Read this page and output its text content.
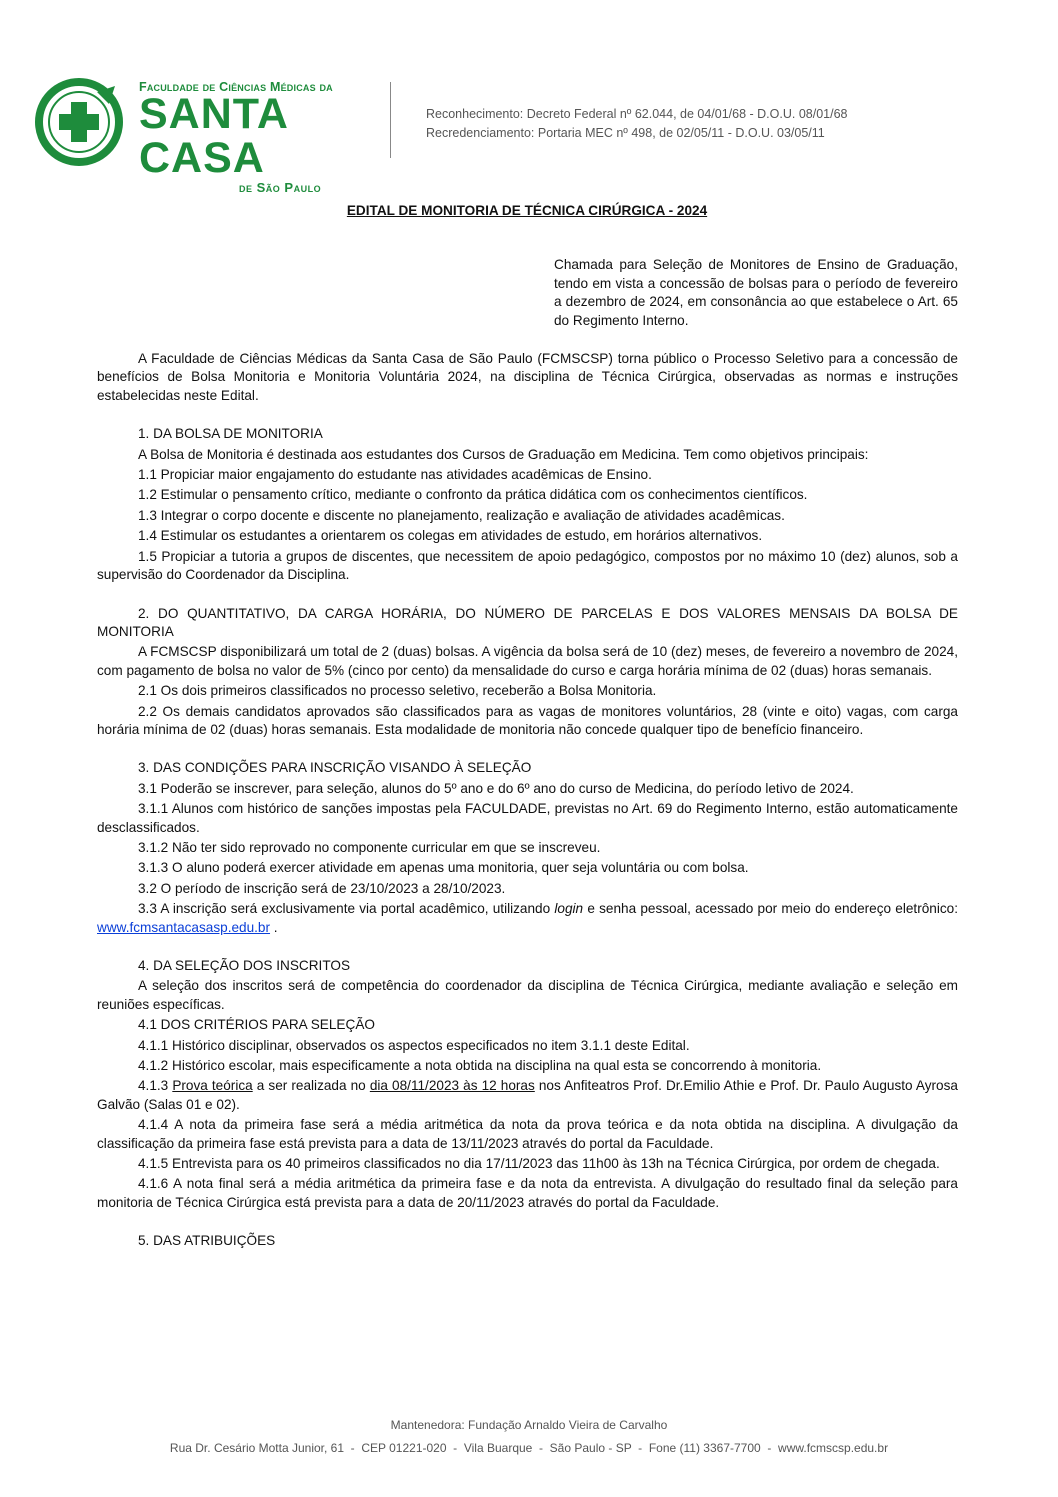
Faculdade de Ciências Médicas da
SANTA CASA
de São Paulo
Reconhecimento: Decreto Federal nº 62.044, de 04/01/68 - D.O.U. 08/01/68
Recredenciamento: Portaria MEC nº 498, de 02/05/11 - D.O.U. 03/05/11
EDITAL DE MONITORIA DE TÉCNICA CIRÚRGICA - 2024

Chamada para Seleção de Monitores de Ensino de Graduação, tendo em vista a concessão de bolsas para o período de fevereiro a dezembro de 2024, em consonância ao que estabelece o Art. 65 do Regimento Interno.

A Faculdade de Ciências Médicas da Santa Casa de São Paulo (FCMSCSP) torna público o Processo Seletivo para a concessão de benefícios de Bolsa Monitoria e Monitoria Voluntária 2024, na disciplina de Técnica Cirúrgica, observadas as normas e instruções estabelecidas neste Edital.

1. DA BOLSA DE MONITORIA

A Bolsa de Monitoria é destinada aos estudantes dos Cursos de Graduação em Medicina. Tem como objetivos principais:

1.1 Propiciar maior engajamento do estudante nas atividades acadêmicas de Ensino.

1.2 Estimular o pensamento crítico, mediante o confronto da prática didática com os conhecimentos científicos.

1.3 Integrar o corpo docente e discente no planejamento, realização e avaliação de atividades acadêmicas.

1.4 Estimular os estudantes a orientarem os colegas em atividades de estudo, em horários alternativos.

1.5 Propiciar a tutoria a grupos de discentes, que necessitem de apoio pedagógico, compostos por no máximo 10 (dez) alunos, sob a supervisão do Coordenador da Disciplina.

2. DO QUANTITATIVO, DA CARGA HORÁRIA, DO NÚMERO DE PARCELAS E DOS VALORES MENSAIS DA BOLSA DE MONITORIA

A FCMSCSP disponibilizará um total de 2 (duas) bolsas. A vigência da bolsa será de 10 (dez) meses, de fevereiro a novembro de 2024, com pagamento de bolsa no valor de 5% (cinco por cento) da mensalidade do curso e carga horária mínima de 02 (duas) horas semanais.

2.1 Os dois primeiros classificados no processo seletivo, receberão a Bolsa Monitoria.

2.2 Os demais candidatos aprovados são classificados para as vagas de monitores voluntários, 28 (vinte e oito) vagas, com carga horária mínima de 02 (duas) horas semanais. Esta modalidade de monitoria não concede qualquer tipo de benefício financeiro.

3. DAS CONDIÇÕES PARA INSCRIÇÃO VISANDO À SELEÇÃO

3.1 Poderão se inscrever, para seleção, alunos do 5º ano e do 6º ano do curso de Medicina, do período letivo de 2024.

3.1.1 Alunos com histórico de sanções impostas pela FACULDADE, previstas no Art. 69 do Regimento Interno, estão automaticamente desclassificados.

3.1.2 Não ter sido reprovado no componente curricular em que se inscreveu.

3.1.3 O aluno poderá exercer atividade em apenas uma monitoria, quer seja voluntária ou com bolsa.

3.2 O período de inscrição será de 23/10/2023 a 28/10/2023.

3.3 A inscrição será exclusivamente via portal acadêmico, utilizando login e senha pessoal, acessado por meio do endereço eletrônico: www.fcmsantacasasp.edu.br .

4. DA SELEÇÃO DOS INSCRITOS

A seleção dos inscritos será de competência do coordenador da disciplina de Técnica Cirúrgica, mediante avaliação e seleção em reuniões específicas.

4.1 DOS CRITÉRIOS PARA SELEÇÃO

4.1.1 Histórico disciplinar, observados os aspectos especificados no item 3.1.1 deste Edital.

4.1.2 Histórico escolar, mais especificamente a nota obtida na disciplina na qual esta se concorrendo à monitoria.

4.1.3 Prova teórica a ser realizada no dia 08/11/2023 às 12 horas nos Anfiteatros Prof. Dr.Emilio Athie e Prof. Dr. Paulo Augusto Ayrosa Galvão (Salas 01 e 02).

4.1.4 A nota da primeira fase será a média aritmética da nota da prova teórica e da nota obtida na disciplina. A divulgação da classificação da primeira fase está prevista para a data de 13/11/2023 através do portal da Faculdade.

4.1.5 Entrevista para os 40 primeiros classificados no dia 17/11/2023 das 11h00 às 13h na Técnica Cirúrgica, por ordem de chegada.

4.1.6 A nota final será a média aritmética da primeira fase e da nota da entrevista. A divulgação do resultado final da seleção para monitoria de Técnica Cirúrgica está prevista para a data de 20/11/2023 através do portal da Faculdade.

5. DAS ATRIBUIÇÕES

Mantenedora: Fundação Arnaldo Vieira de Carvalho
Rua Dr. Cesário Motta Junior, 61  -  CEP 01221-020  -  Vila Buarque  -  São Paulo - SP  -  Fone (11) 3367-7700  -  www.fcmscsp.edu.br
